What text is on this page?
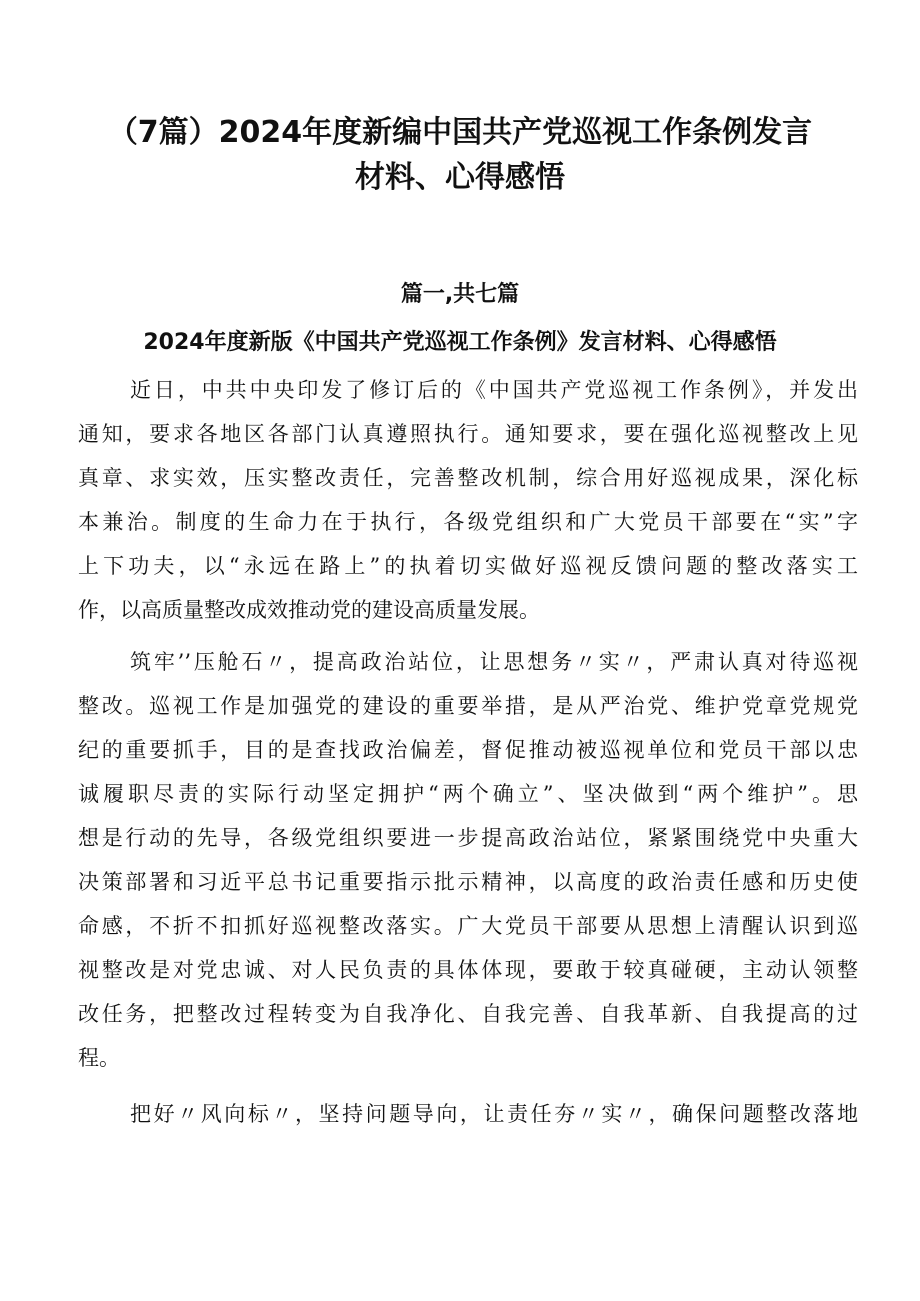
（7篇）2024年度新编中国共产党巡视工作条例发言
材料、心得感悟
篇一,共七篇
2024年度新版《中国共产党巡视工作条例》发言材料、心得感悟
近日，中共中央印发了修订后的《中国共产党巡视工作条例》，并发出
通知，要求各地区各部门认真遵照执行。通知要求，要在强化巡视整改上见
真章、求实效，压实整改责任，完善整改机制，综合用好巡视成果，深化标
本兼治。制度的生命力在于执行，各级党组织和广大党员干部要在“实”字
上下功夫，以“永远在路上”的执着切实做好巡视反馈问题的整改落实工
作，以高质量整改成效推动党的建设高质量发展。
筑牢’’压舱石〃，提高政治站位，让思想务〃实〃，严肃认真对待巡视
整改。巡视工作是加强党的建设的重要举措，是从严治党、维护党章党规党
纪的重要抓手，目的是查找政治偏差，督促推动被巡视单位和党员干部以忠
诚履职尽责的实际行动坚定拥护“两个确立”、坚决做到“两个维护”。思
想是行动的先导，各级党组织要进一步提高政治站位，紧紧围绕党中央重大
决策部署和习近平总书记重要指示批示精神，以高度的政治责任感和历史使
命感，不折不扣抓好巡视整改落实。广大党员干部要从思想上清醒认识到巡
视整改是对党忠诚、对人民负责的具体体现，要敢于较真碰硬，主动认领整
改任务，把整改过程转变为自我净化、自我完善、自我革新、自我提高的过
程。
把好〃风向标〃，坚持问题导向，让责任夯〃实〃，确保问题整改落地
